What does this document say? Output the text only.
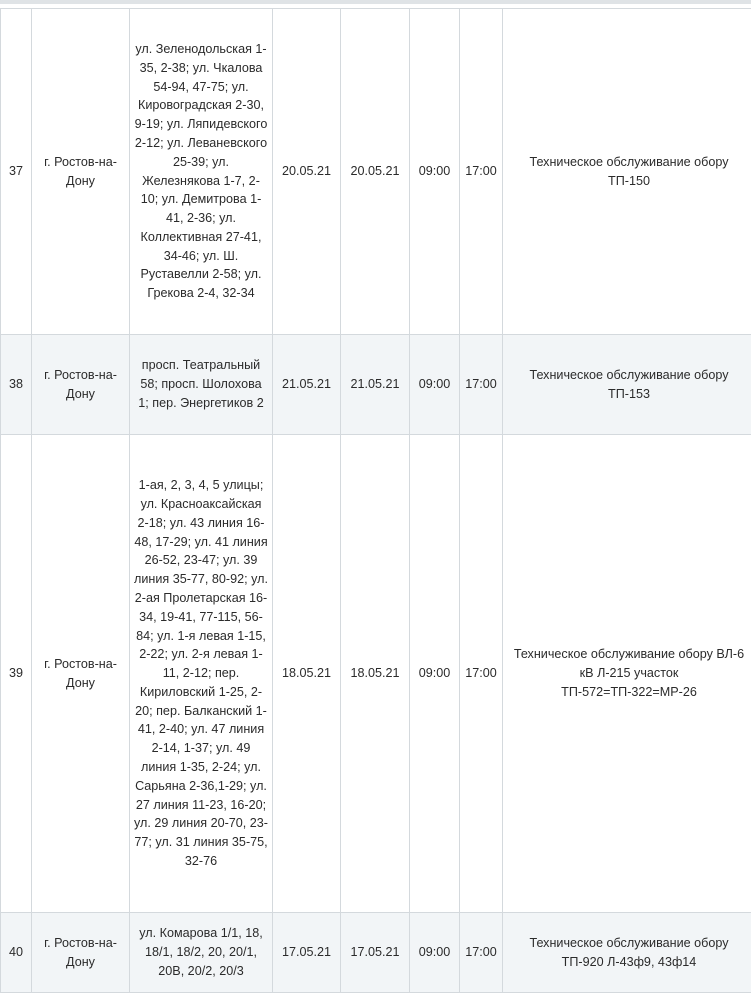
37	г. Ростов-на-Дону	ул. Зеленодольская 1-35, 2-38; ул. Чкалова 54-94, 47-75; ул. Кировоградская 2-30, 9-19; ул. Ляпидевского 2-12; ул. Леваневского 25-39; ул. Железнякова 1-7, 2-10; ул. Демитрова 1-41, 2-36; ул. Коллективная 27-41, 34-46; ул. Ш. Руставелли 2-58; ул. Грекова 2-4, 32-34	20.05.21	20.05.21	09:00	17:00	Техническое обслуживание обору ТП-150

38	г. Ростов-на-Дону	просп. Театральный 58; просп. Шолохова 1; пер. Энергетиков 2	21.05.21	21.05.21	09:00	17:00	Техническое обслуживание обору ТП-153

39	г. Ростов-на-Дону	1-ая, 2, 3, 4, 5 улицы; ул. Красноаксайская 2-18; ул. 43 линия 16-48, 17-29; ул. 41 линия 26-52, 23-47; ул. 39 линия 35-77, 80-92; ул. 2-ая Пролетарская 16-34, 19-41, 77-115, 56-84; ул. 1-я левая 1-15, 2-22; ул. 2-я левая 1-11, 2-12; пер. Кириловский 1-25, 2-20; пер. Балканский 1-41, 2-40; ул. 47 линия 2-14, 1-37; ул. 49 линия 1-35, 2-24; ул. Сарьяна 2-36,1-29; ул. 27 линия 11-23, 16-20; ул. 29 линия 20-70, 23-77; ул. 31 линия 35-75, 32-76	18.05.21	18.05.21	09:00	17:00	Техническое обслуживание обору ВЛ-6 кВ Л-215 участок ТП-572=ТП-322=МР-26

40	г. Ростов-на-Дону	ул. Комарова 1/1, 18, 18/1, 18/2, 20, 20/1, 20В, 20/2, 20/3	17.05.21	17.05.21	09:00	17:00	Техническое обслуживание обору ТП-920 Л-43ф9, 43ф14
